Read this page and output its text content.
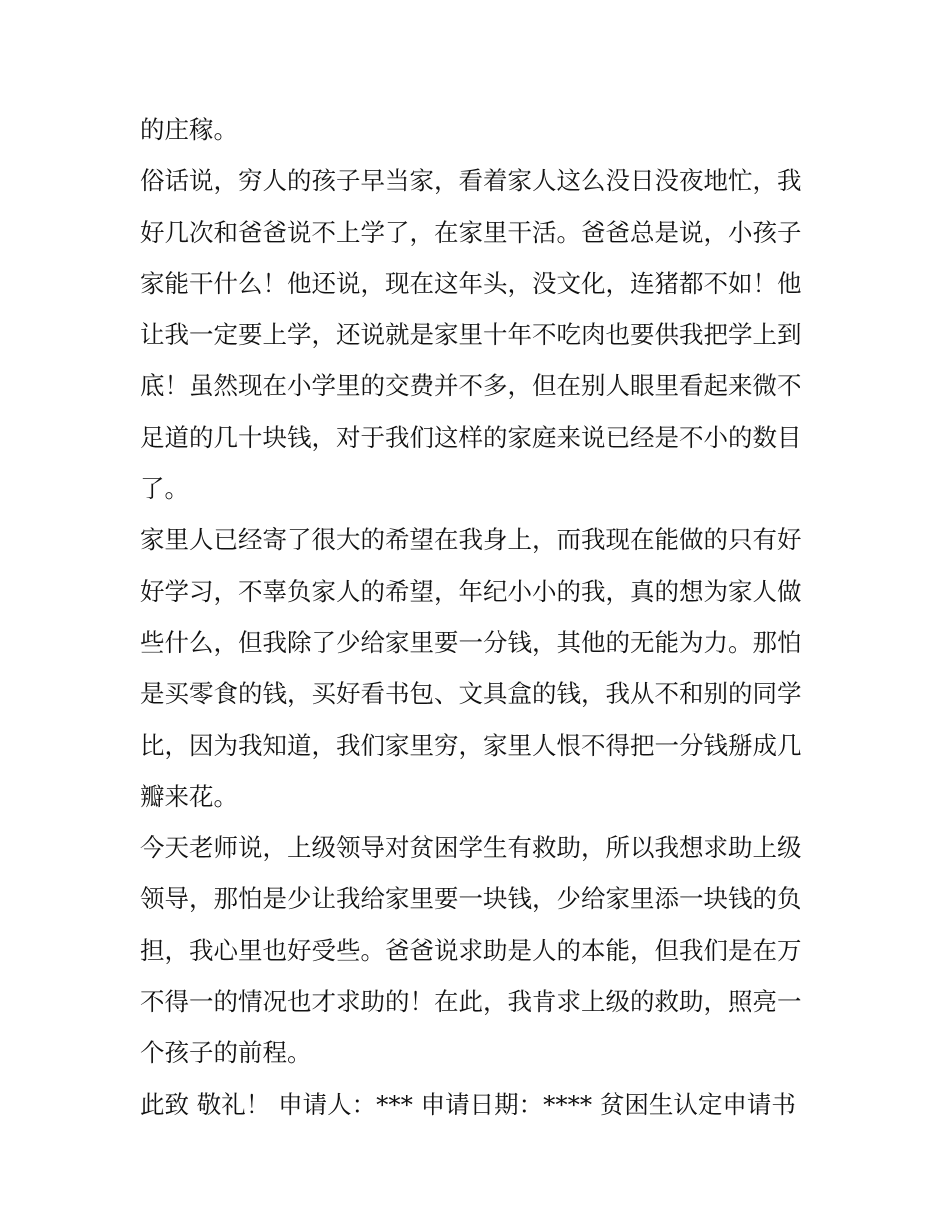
的庄稼。
俗话说，穷人的孩子早当家，看着家人这么没日没夜地忙，我
好几次和爸爸说不上学了，在家里干活。爸爸总是说，小孩子
家能干什么！他还说，现在这年头，没文化，连猪都不如！他
让我一定要上学，还说就是家里十年不吃肉也要供我把学上到
底！虽然现在小学里的交费并不多，但在别人眼里看起来微不
足道的几十块钱，对于我们这样的家庭来说已经是不小的数目
了。
家里人已经寄了很大的希望在我身上，而我现在能做的只有好
好学习，不辜负家人的希望，年纪小小的我，真的想为家人做
些什么，但我除了少给家里要一分钱，其他的无能为力。那怕
是买零食的钱，买好看书包、文具盒的钱，我从不和别的同学
比，因为我知道，我们家里穷，家里人恨不得把一分钱掰成几
瓣来花。
今天老师说，上级领导对贫困学生有救助，所以我想求助上级
领导，那怕是少让我给家里要一块钱，少给家里添一块钱的负
担，我心里也好受些。爸爸说求助是人的本能，但我们是在万
不得一的情况也才求助的！在此，我肯求上级的救助，照亮一
个孩子的前程。
此致 敬礼！ 申请人：*** 申请日期：**** 贫困生认定申请书
